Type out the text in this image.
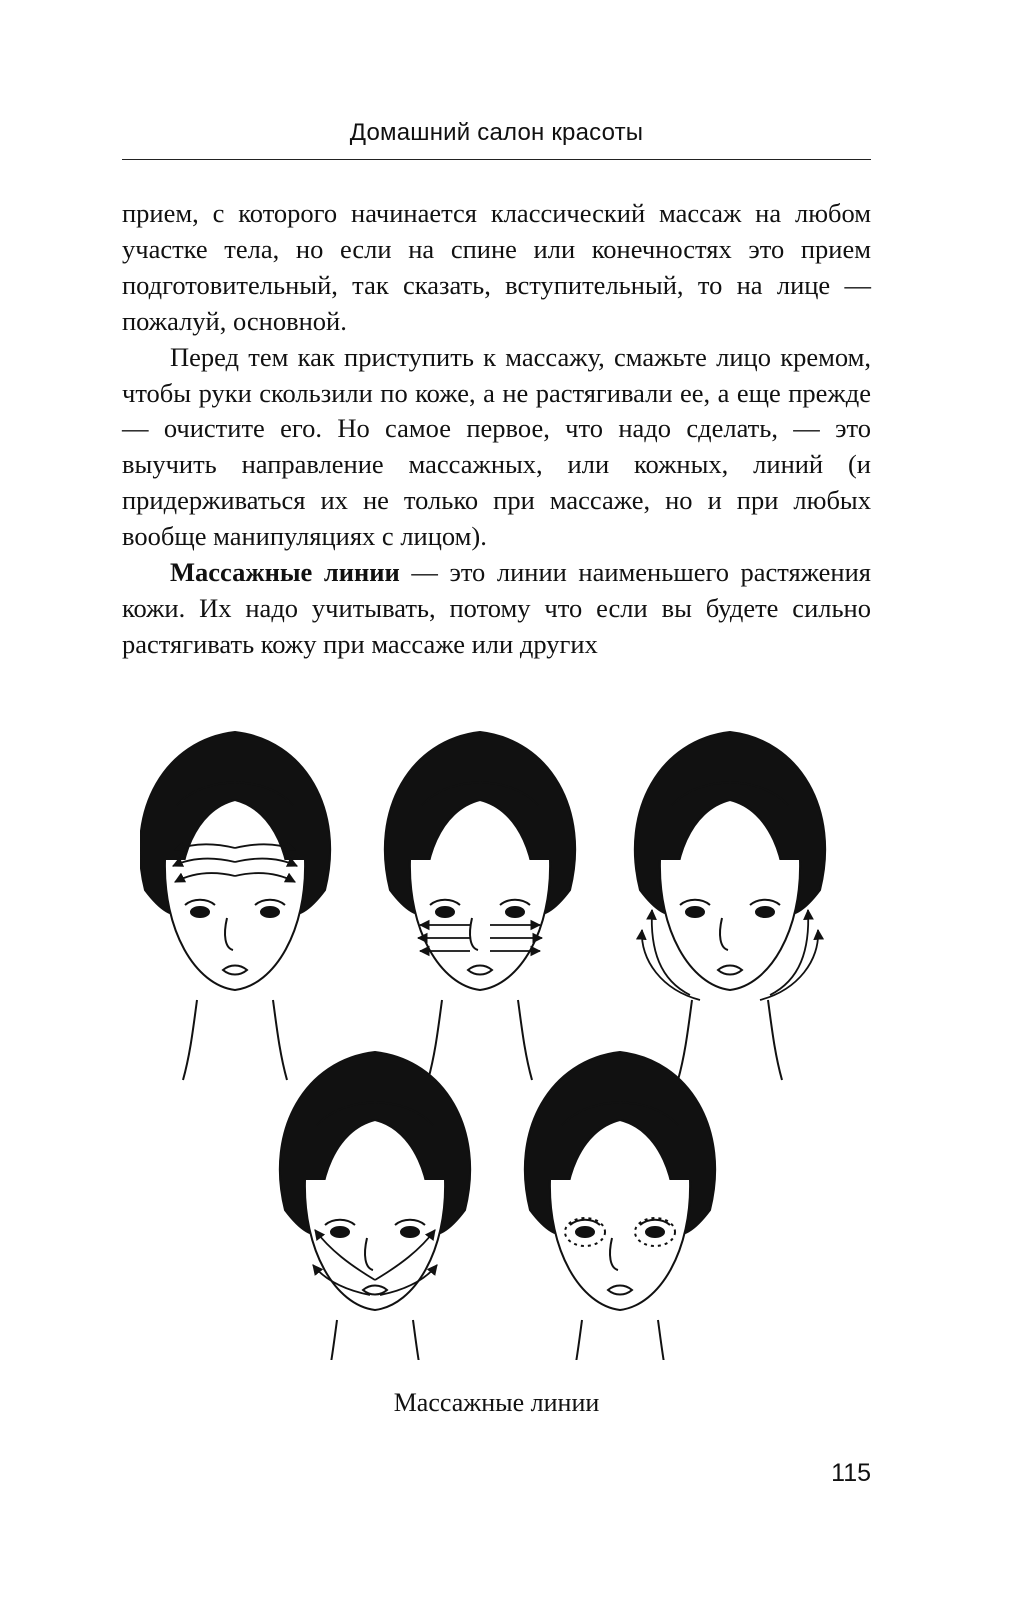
Домашний салон красоты

прием, с которого начинается классический массаж на любом участке тела, но если на спине или конечностях это прием подготовительный, так сказать, вступительный, то на лице — пожалуй, основной.

Перед тем как приступить к массажу, смажьте лицо кремом, чтобы руки скользили по коже, а не растягивали ее, а еще прежде — очистите его. Но самое первое, что надо сделать, — это выучить направление массажных, или кожных, линий (и придерживаться их не только при массаже, но и при любых вообще манипуляциях с лицом).

Массажные линии — это линии наименьшего растяжения кожи. Их надо учитывать, потому что если вы будете сильно растягивать кожу при массаже или других

Массажные линии
115
